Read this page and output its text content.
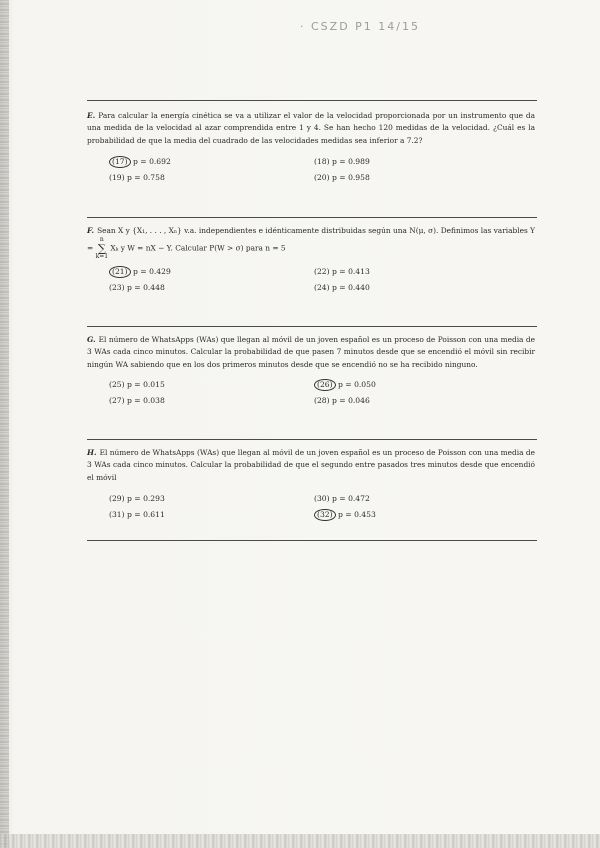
· CSZD P1 14/15

E. Para calcular la energía cinética se va a utilizar el valor de la velocidad proporcionada por un instrumento que da una medida de la velocidad al azar comprendida entre 1 y 4. Se han hecho 120 medidas de la velocidad. ¿Cuál es la probabilidad de que la media del cuadrado de las velocidades medidas sea inferior a 7.2?

(17) p = 0.692	(18) p = 0.989
(19) p = 0.758	(20) p = 0.958

F. Sean X y {X₁, . . . , Xₙ} v.a. independientes e idénticamente distribuidas según una N(μ, σ). Definimos las variables Y = n
∑
k=1 Xₖ y W = nX − Y. Calcular P(W > σ) para n = 5

(21) p = 0.429	(22) p = 0.413
(23) p = 0.448	(24) p = 0.440

G. El número de WhatsApps (WAs) que llegan al móvil de un joven español es un proceso de Poisson con una media de 3 WAs cada cinco minutos. Calcular la probabilidad de que pasen 7 minutos desde que se encendió el móvil sin recibir ningún WA sabiendo que en los dos primeros minutos desde que se encendió no se ha recibido ninguno.

(25) p = 0.015	(26) p = 0.050
(27) p = 0.038	(28) p = 0.046

H. El número de WhatsApps (WAs) que llegan al móvil de un joven español es un proceso de Poisson con una media de 3 WAs cada cinco minutos. Calcular la probabilidad de que el segundo entre pasados tres minutos desde que encendió el móvil

(29) p = 0.293	(30) p = 0.472
(31) p = 0.611	(32) p = 0.453
